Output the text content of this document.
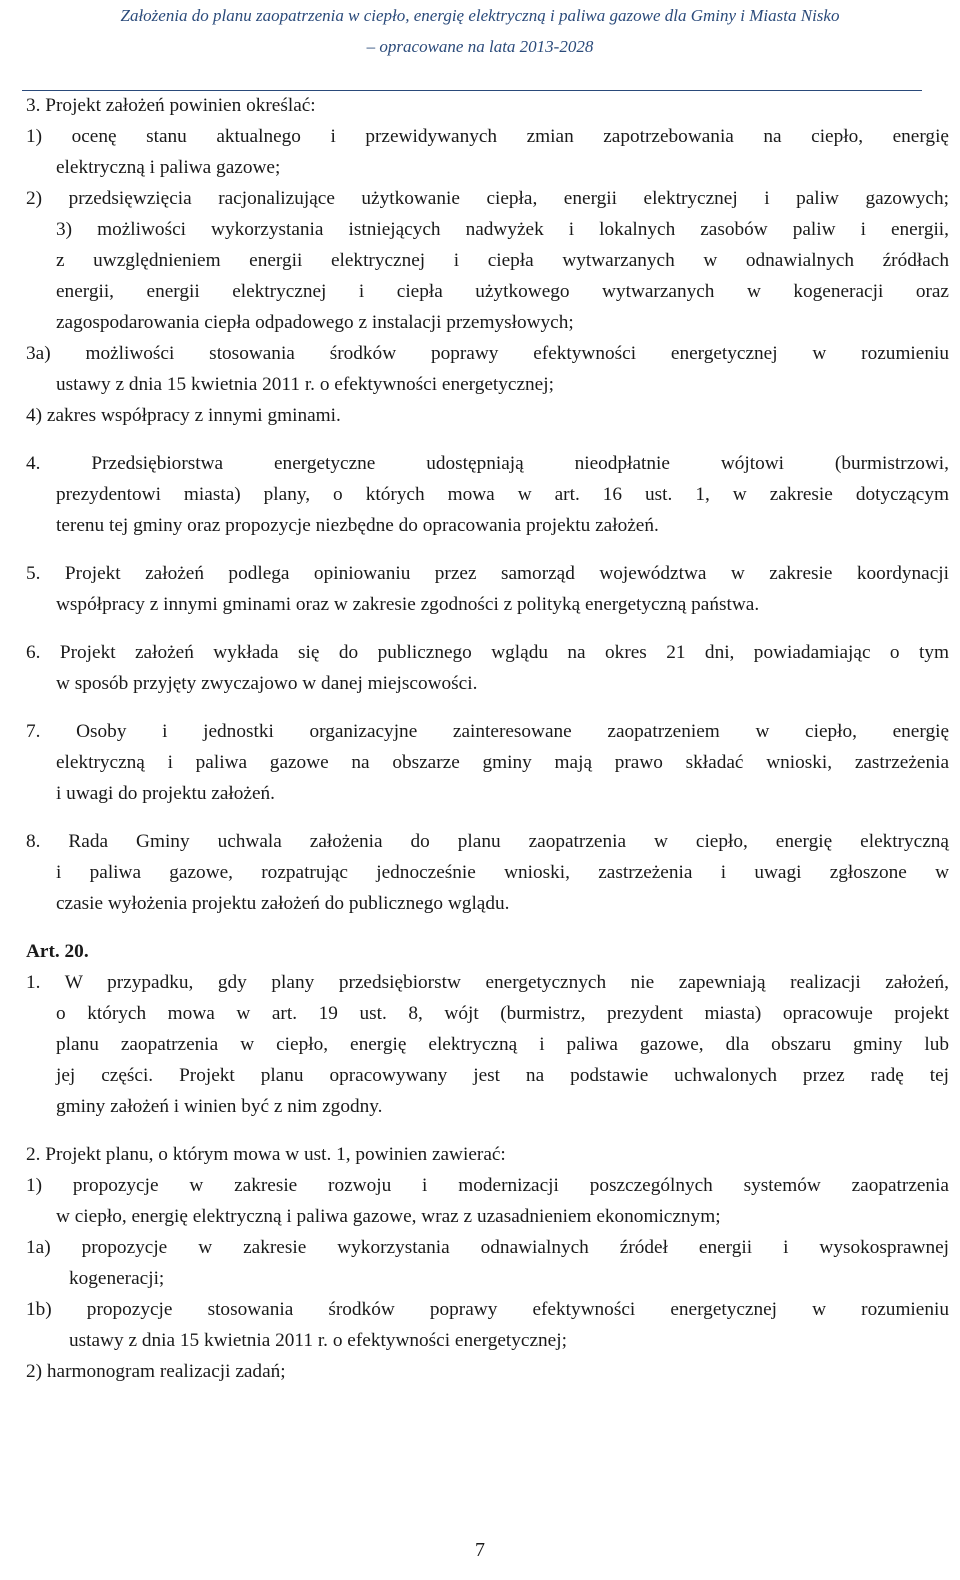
Założenia do planu zaopatrzenia w ciepło, energię elektryczną i paliwa gazowe dla Gminy i Miasta Nisko
– opracowane na lata 2013-2028
3. Projekt założeń powinien określać:
1) ocenę stanu aktualnego i przewidywanych zmian zapotrzebowania na ciepło, energię
elektryczną i paliwa gazowe;
2) przedsięwzięcia racjonalizujące użytkowanie ciepła, energii elektrycznej i paliw gazowych;
3) możliwości wykorzystania istniejących nadwyżek i lokalnych zasobów paliw i energii,
z uwzględnieniem energii elektrycznej i ciepła wytwarzanych w odnawialnych źródłach
energii, energii elektrycznej i ciepła użytkowego wytwarzanych w kogeneracji oraz
zagospodarowania ciepła odpadowego z instalacji przemysłowych;
3a) możliwości stosowania środków poprawy efektywności energetycznej w rozumieniu
ustawy z dnia 15 kwietnia 2011 r. o efektywności energetycznej;
4) zakres współpracy z innymi gminami.
4. Przedsiębiorstwa energetyczne udostępniają nieodpłatnie wójtowi (burmistrzowi,
prezydentowi miasta) plany, o których mowa w art. 16 ust. 1, w zakresie dotyczącym
terenu tej gminy oraz propozycje niezbędne do opracowania projektu założeń.
5. Projekt założeń podlega opiniowaniu przez samorząd województwa w zakresie koordynacji
współpracy z innymi gminami oraz w zakresie zgodności z polityką energetyczną państwa.
6. Projekt założeń wykłada się do publicznego wglądu na okres 21 dni, powiadamiając o tym
w sposób przyjęty zwyczajowo w danej miejscowości.
7. Osoby i jednostki organizacyjne zainteresowane zaopatrzeniem w ciepło, energię
elektryczną i paliwa gazowe na obszarze gminy mają prawo składać wnioski, zastrzeżenia
i uwagi do projektu założeń.
8. Rada Gminy uchwala założenia do planu zaopatrzenia w ciepło, energię elektryczną
i paliwa gazowe, rozpatrując jednocześnie wnioski, zastrzeżenia i uwagi zgłoszone w
czasie wyłożenia projektu założeń do publicznego wglądu.
Art. 20.
1. W przypadku, gdy plany przedsiębiorstw energetycznych nie zapewniają realizacji założeń,
o których mowa w art. 19 ust. 8, wójt (burmistrz, prezydent miasta) opracowuje projekt
planu zaopatrzenia w ciepło, energię elektryczną i paliwa gazowe, dla obszaru gminy lub
jej części. Projekt planu opracowywany jest na podstawie uchwalonych przez radę tej
gminy założeń i winien być z nim zgodny.
2. Projekt planu, o którym mowa w ust. 1, powinien zawierać:
1) propozycje w zakresie rozwoju i modernizacji poszczególnych systemów zaopatrzenia
w ciepło, energię elektryczną i paliwa gazowe, wraz z uzasadnieniem ekonomicznym;
1a) propozycje w zakresie wykorzystania odnawialnych źródeł energii i wysokosprawnej
kogeneracji;
1b) propozycje stosowania środków poprawy efektywności energetycznej w rozumieniu
ustawy z dnia 15 kwietnia 2011 r. o efektywności energetycznej;
2) harmonogram realizacji zadań;
7
